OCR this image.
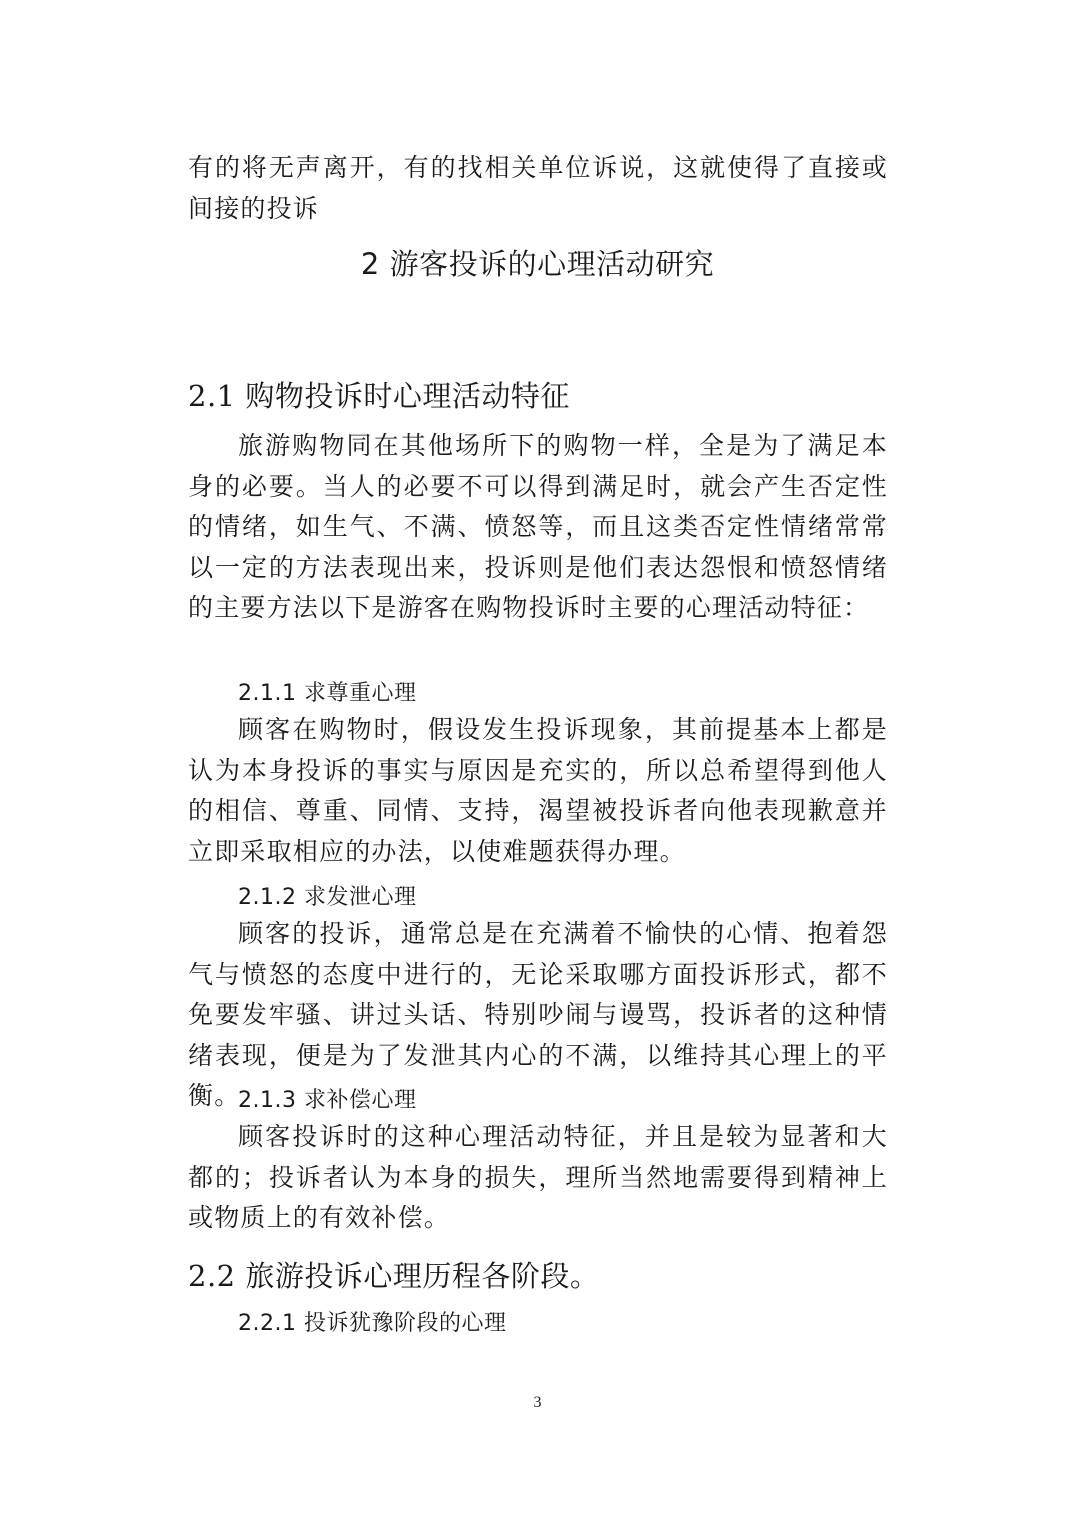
有的将无声离开，有的找相关单位诉说，这就使得了直接或间接的投诉

2 游客投诉的心理活动研究
2.1 购物投诉时心理活动特征

旅游购物同在其他场所下的购物一样，全是为了满足本身的必要。当人的必要不可以得到满足时，就会产生否定性的情绪，如生气、不满、愤怒等，而且这类否定性情绪常常以一定的方法表现出来，投诉则是他们表达怨恨和愤怒情绪的主要方法以下是游客在购物投诉时主要的心理活动特征：

2.1.1 求尊重心理

顾客在购物时，假设发生投诉现象，其前提基本上都是认为本身投诉的事实与原因是充实的，所以总希望得到他人的相信、尊重、同情、支持，渴望被投诉者向他表现歉意并立即采取相应的办法，以使难题获得办理。

2.1.2 求发泄心理

顾客的投诉，通常总是在充满着不愉快的心情、抱着怨气与愤怒的态度中进行的，无论采取哪方面投诉形式，都不免要发牢骚、讲过头话、特别吵闹与谩骂，投诉者的这种情绪表现，便是为了发泄其内心的不满，以维持其心理上的平衡。

2.1.3 求补偿心理

顾客投诉时的这种心理活动特征，并且是较为显著和大都的；投诉者认为本身的损失，理所当然地需要得到精神上或物质上的有效补偿。

2.2 旅游投诉心理历程各阶段。
2.2.1 投诉犹豫阶段的心理
3
